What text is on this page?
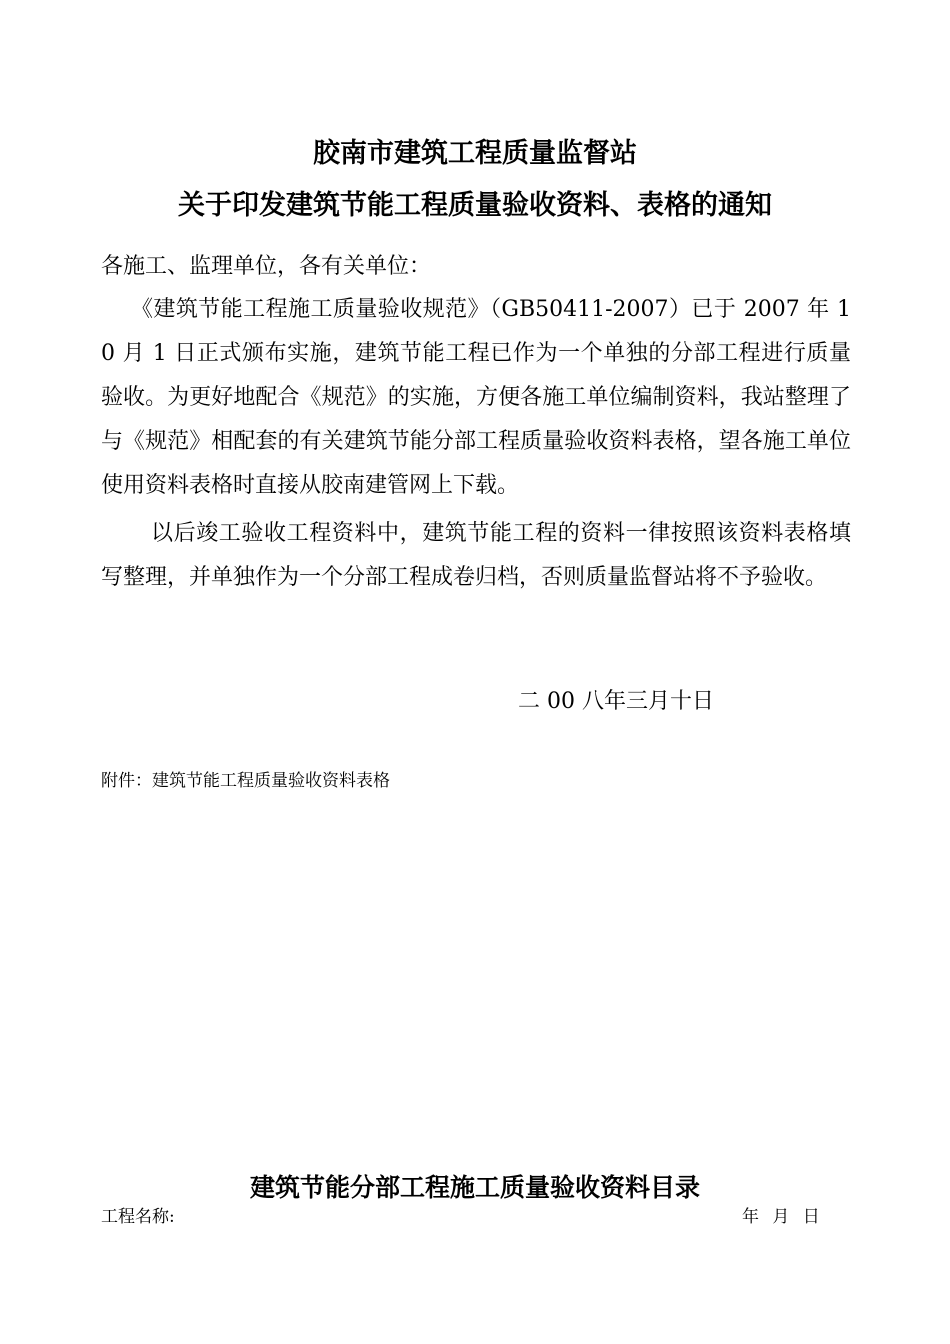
胶南市建筑工程质量监督站
关于印发建筑节能工程质量验收资料、表格的通知

各施工、监理单位，各有关单位：

《建筑节能工程施工质量验收规范》（GB50411-2007）已于 2007 年 10 月 1 日正式颁布实施，建筑节能工程已作为一个单独的分部工程进行质量验收。为更好地配合《规范》的实施，方便各施工单位编制资料，我站整理了与《规范》相配套的有关建筑节能分部工程质量验收资料表格，望各施工单位使用资料表格时直接从胶南建管网上下载。

以后竣工验收工程资料中，建筑节能工程的资料一律按照该资料表格填写整理，并单独作为一个分部工程成卷归档，否则质量监督站将不予验收。

二 00 八年三月十日

附件：建筑节能工程质量验收资料表格

建筑节能分部工程施工质量验收资料目录
工程名称:	年 月 日
